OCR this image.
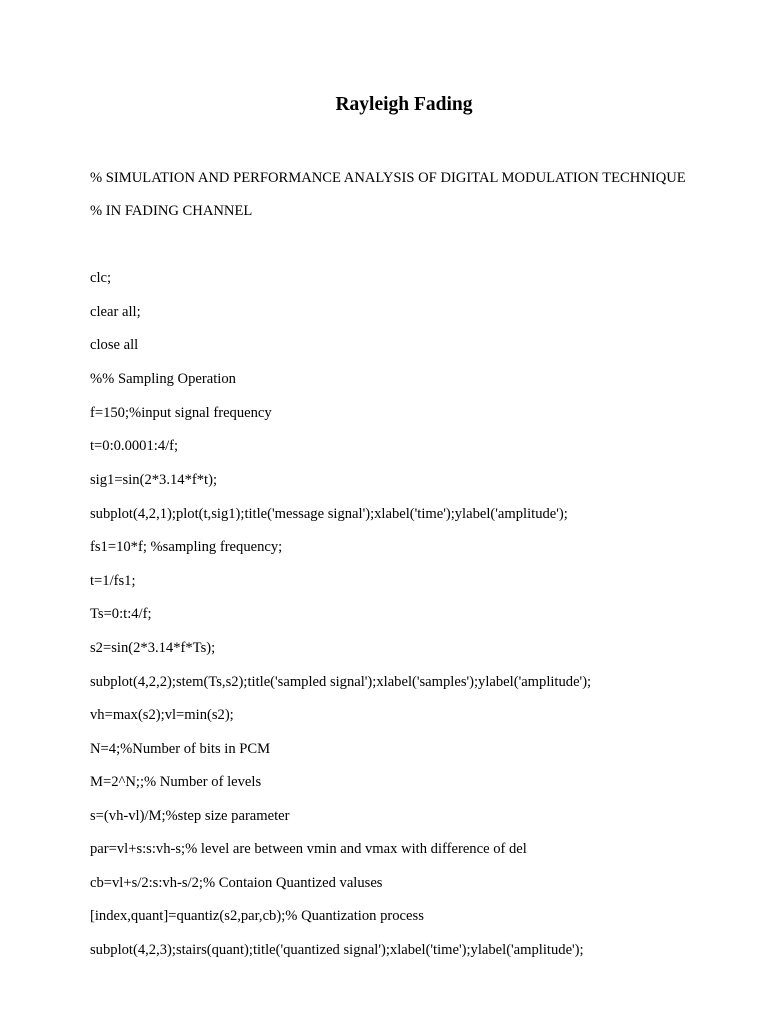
Rayleigh Fading
% SIMULATION AND PERFORMANCE ANALYSIS OF DIGITAL MODULATION TECHNIQUE
% IN FADING CHANNEL
clc;
clear all;
close all
%% Sampling Operation
f=150;%input signal frequency
t=0:0.0001:4/f;
sig1=sin(2*3.14*f*t);
subplot(4,2,1);plot(t,sig1);title('message signal');xlabel('time');ylabel('amplitude');
fs1=10*f; %sampling frequency;
t=1/fs1;
Ts=0:t:4/f;
s2=sin(2*3.14*f*Ts);
subplot(4,2,2);stem(Ts,s2);title('sampled signal');xlabel('samples');ylabel('amplitude');
vh=max(s2);vl=min(s2);
N=4;%Number of bits in PCM
M=2^N;;% Number of levels
s=(vh-vl)/M;%step size parameter
par=vl+s:s:vh-s;% level are between vmin and vmax with difference of del
cb=vl+s/2:s:vh-s/2;% Contaion Quantized valuses
[index,quant]=quantiz(s2,par,cb);% Quantization process
subplot(4,2,3);stairs(quant);title('quantized signal');xlabel('time');ylabel('amplitude');
